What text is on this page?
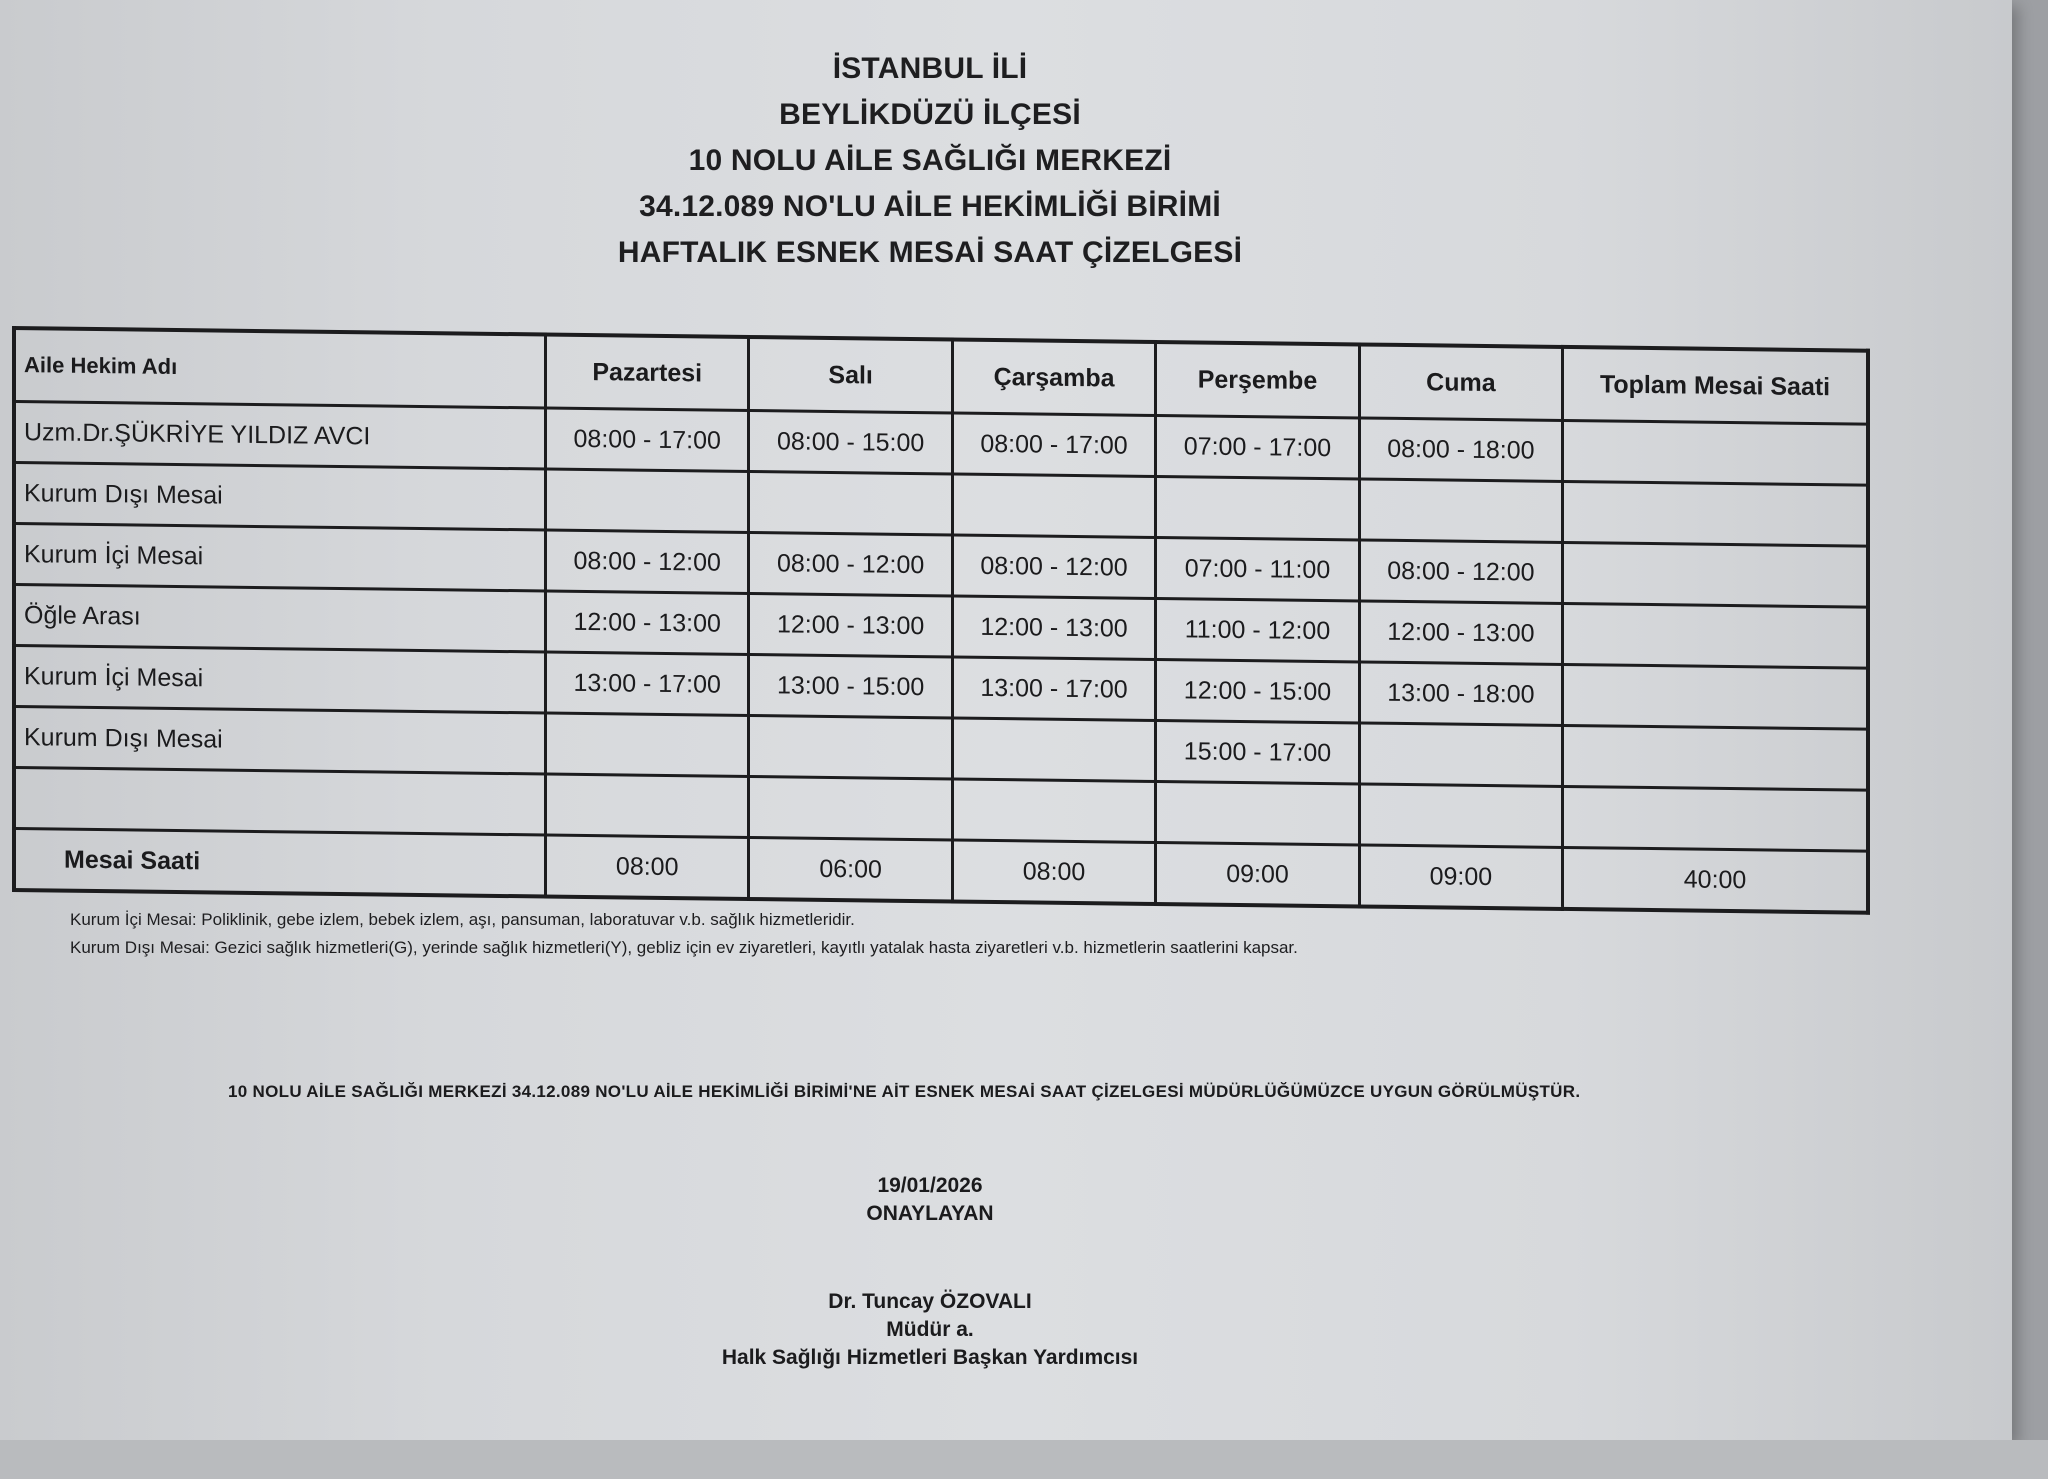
İSTANBUL İLİ
BEYLİKDÜZÜ İLÇESİ
10 NOLU AİLE SAĞLIĞI MERKEZİ
34.12.089 NO'LU AİLE HEKİMLİĞİ BİRİMİ
HAFTALIK ESNEK MESAİ SAAT ÇİZELGESİ
Aile Hekim Adı	Pazartesi	Salı	Çarşamba	Perşembe	Cuma	Toplam Mesai Saati
Uzm.Dr.ŞÜKRİYE YILDIZ AVCI	08:00 - 17:00	08:00 - 15:00	08:00 - 17:00	07:00 - 17:00	08:00 - 18:00	
Kurum Dışı Mesai						
Kurum İçi Mesai	08:00 - 12:00	08:00 - 12:00	08:00 - 12:00	07:00 - 11:00	08:00 - 12:00	
Öğle Arası	12:00 - 13:00	12:00 - 13:00	12:00 - 13:00	11:00 - 12:00	12:00 - 13:00	
Kurum İçi Mesai	13:00 - 17:00	13:00 - 15:00	13:00 - 17:00	12:00 - 15:00	13:00 - 18:00	
Kurum Dışı Mesai				15:00 - 17:00		

Mesai Saati	08:00	06:00	08:00	09:00	09:00	40:00
Kurum İçi Mesai: Poliklinik, gebe izlem, bebek izlem, aşı, pansuman, laboratuvar v.b. sağlık hizmetleridir.
Kurum Dışı Mesai: Gezici sağlık hizmetleri(G), yerinde sağlık hizmetleri(Y), gebliz için ev ziyaretleri, kayıtlı yatalak hasta ziyaretleri v.b. hizmetlerin saatlerini kapsar.
10 NOLU AİLE SAĞLIĞI MERKEZİ 34.12.089 NO'LU AİLE HEKİMLİĞİ BİRİMİ'NE AİT ESNEK MESAİ SAAT ÇİZELGESİ MÜDÜRLÜĞÜMÜZCE UYGUN GÖRÜLMÜŞTÜR.
19/01/2026
ONAYLAYAN
Dr. Tuncay ÖZOVALI
Müdür a.
Halk Sağlığı Hizmetleri Başkan Yardımcısı
